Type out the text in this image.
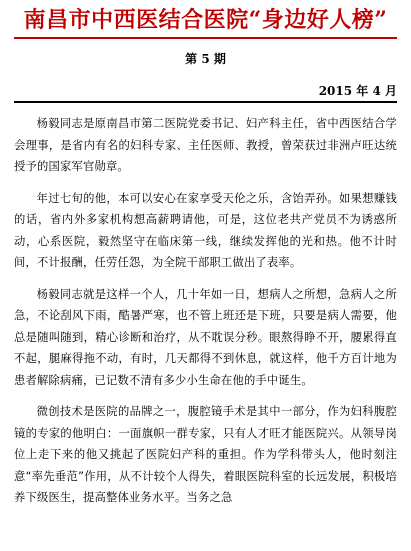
南昌市中西医结合医院“身边好人榜”
第 5 期
2015 年 4 月

杨毅同志是原南昌市第二医院党委书记、妇产科主任，省中西医结合学会理事，是省内有名的妇科专家、主任医师、教授，曾荣获过非洲卢旺达统授予的国家军官勋章。

年过七旬的他，本可以安心在家享受天伦之乐，含饴弄孙。如果想赚钱的话，省内外多家机构想高薪聘请他，可是，这位老共产党员不为诱惑所动，心系医院，毅然坚守在临床第一线，继续发挥他的光和热。他不计时间，不计报酬，任劳任怨，为全院干部职工做出了表率。

杨毅同志就是这样一个人，几十年如一日，想病人之所想，急病人之所急，不论刮风下雨，酷暑严寒，也不管上班还是下班，只要是病人需要，他总是随叫随到，精心诊断和治疗，从不耽误分秒。眼熬得睁不开，腰累得直不起，腿麻得拖不动，有时，几天都得不到休息，就这样，他千方百计地为患者解除病痛，已记数不清有多少小生命在他的手中诞生。

微创技术是医院的品牌之一，腹腔镜手术是其中一部分，作为妇科腹腔镜的专家的他明白：一面旗帜一群专家，只有人才旺才能医院兴。从领导岗位上走下来的他又挑起了医院妇产科的重担。作为学科带头人，他时刻注意“率先垂范”作用，从不计较个人得失，着眼医院科室的长远发展，积极培养下级医生，提高整体业务水平。当务之急
